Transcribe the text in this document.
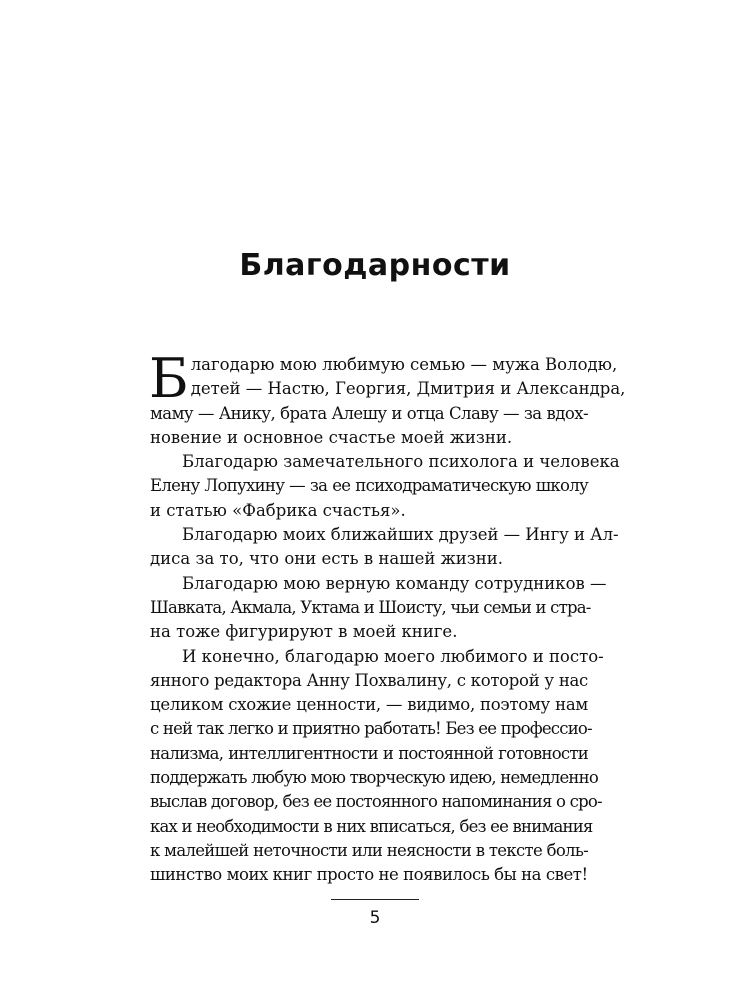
Благодарности
Б лагодарю мою любимую семью — мужа Володю,
детей — Настю, Георгия, Дмитрия и Александра,
маму — Анику, брата Алешу и отца Славу — за вдох-
новение и основное счастье моей жизни.
Благодарю замечательного психолога и человека
Елену Лопухину — за ее психодраматическую школу
и статью «Фабрика счастья».
Благодарю моих ближайших друзей — Ингу и Ал-
диса за то, что они есть в нашей жизни.
Благодарю мою верную команду сотрудников —
Шавката, Акмала, Уктама и Шоисту, чьи семьи и стра-
на тоже фигурируют в моей книге.
И конечно, благодарю моего любимого и посто-
янного редактора Анну Похвалину, с которой у нас
целиком схожие ценности, — видимо, поэтому нам
с ней так легко и приятно работать! Без ее профессио-
нализма, интеллигентности и постоянной готовности
поддержать любую мою творческую идею, немедленно
выслав договор, без ее постоянного напоминания о сро-
ках и необходимости в них вписаться, без ее внимания
к малейшей неточности или неясности в тексте боль-
шинство моих книг просто не появилось бы на свет!
5
